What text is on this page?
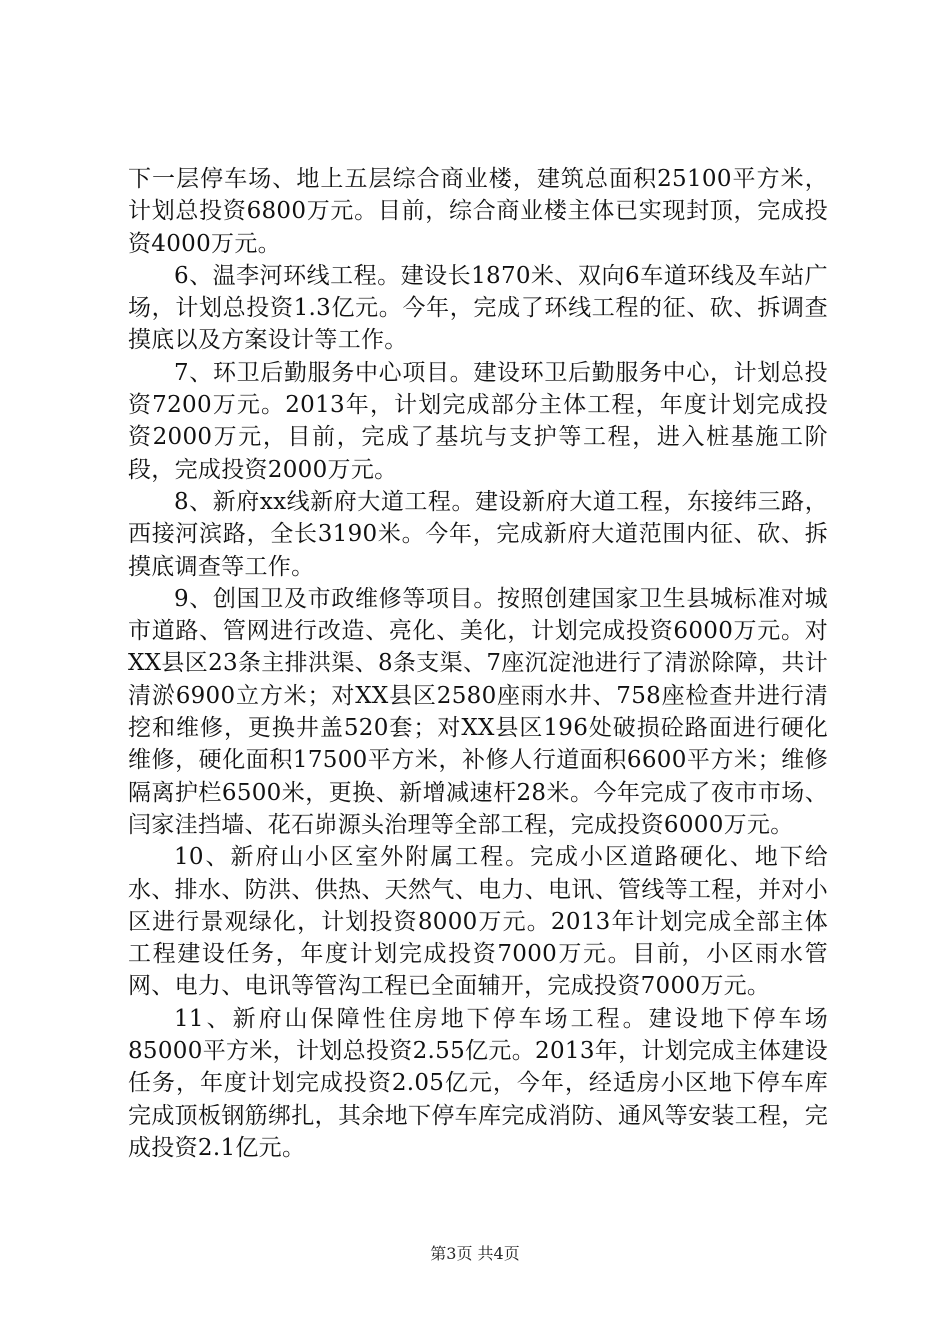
下一层停车场、地上五层综合商业楼，建筑总面积25100平方米，计划总投资6800万元。目前，综合商业楼主体已实现封顶，完成投资4000万元。

6、温李河环线工程。建设长1870米、双向6车道环线及车站广场，计划总投资1.3亿元。今年，完成了环线工程的征、砍、拆调查摸底以及方案设计等工作。

7、环卫后勤服务中心项目。建设环卫后勤服务中心，计划总投资7200万元。2013年，计划完成部分主体工程，年度计划完成投资2000万元，目前，完成了基坑与支护等工程，进入桩基施工阶段，完成投资2000万元。

8、新府xx线新府大道工程。建设新府大道工程，东接纬三路，西接河滨路，全长3190米。今年，完成新府大道范围内征、砍、拆摸底调查等工作。

9、创国卫及市政维修等项目。按照创建国家卫生县城标准对城市道路、管网进行改造、亮化、美化，计划完成投资6000万元。对XX县区23条主排洪渠、8条支渠、7座沉淀池进行了清淤除障，共计清淤6900立方米；对XX县区2580座雨水井、758座检查井进行清挖和维修，更换井盖520套；对XX县区196处破损砼路面进行硬化维修，硬化面积17500平方米，补修人行道面积6600平方米；维修隔离护栏6500米，更换、新增减速杆28米。今年完成了夜市市场、闫家洼挡墙、花石峁源头治理等全部工程，完成投资6000万元。

10、新府山小区室外附属工程。完成小区道路硬化、地下给水、排水、防洪、供热、天然气、电力、电讯、管线等工程，并对小区进行景观绿化，计划投资8000万元。2013年计划完成全部主体工程建设任务，年度计划完成投资7000万元。目前，小区雨水管网、电力、电讯等管沟工程已全面辅开，完成投资7000万元。

11、新府山保障性住房地下停车场工程。建设地下停车场85000平方米，计划总投资2.55亿元。2013年，计划完成主体建设任务，年度计划完成投资2.05亿元，今年，经适房小区地下停车库完成顶板钢筋绑扎，其余地下停车库完成消防、通风等安装工程，完成投资2.1亿元。

第3页 共4页
